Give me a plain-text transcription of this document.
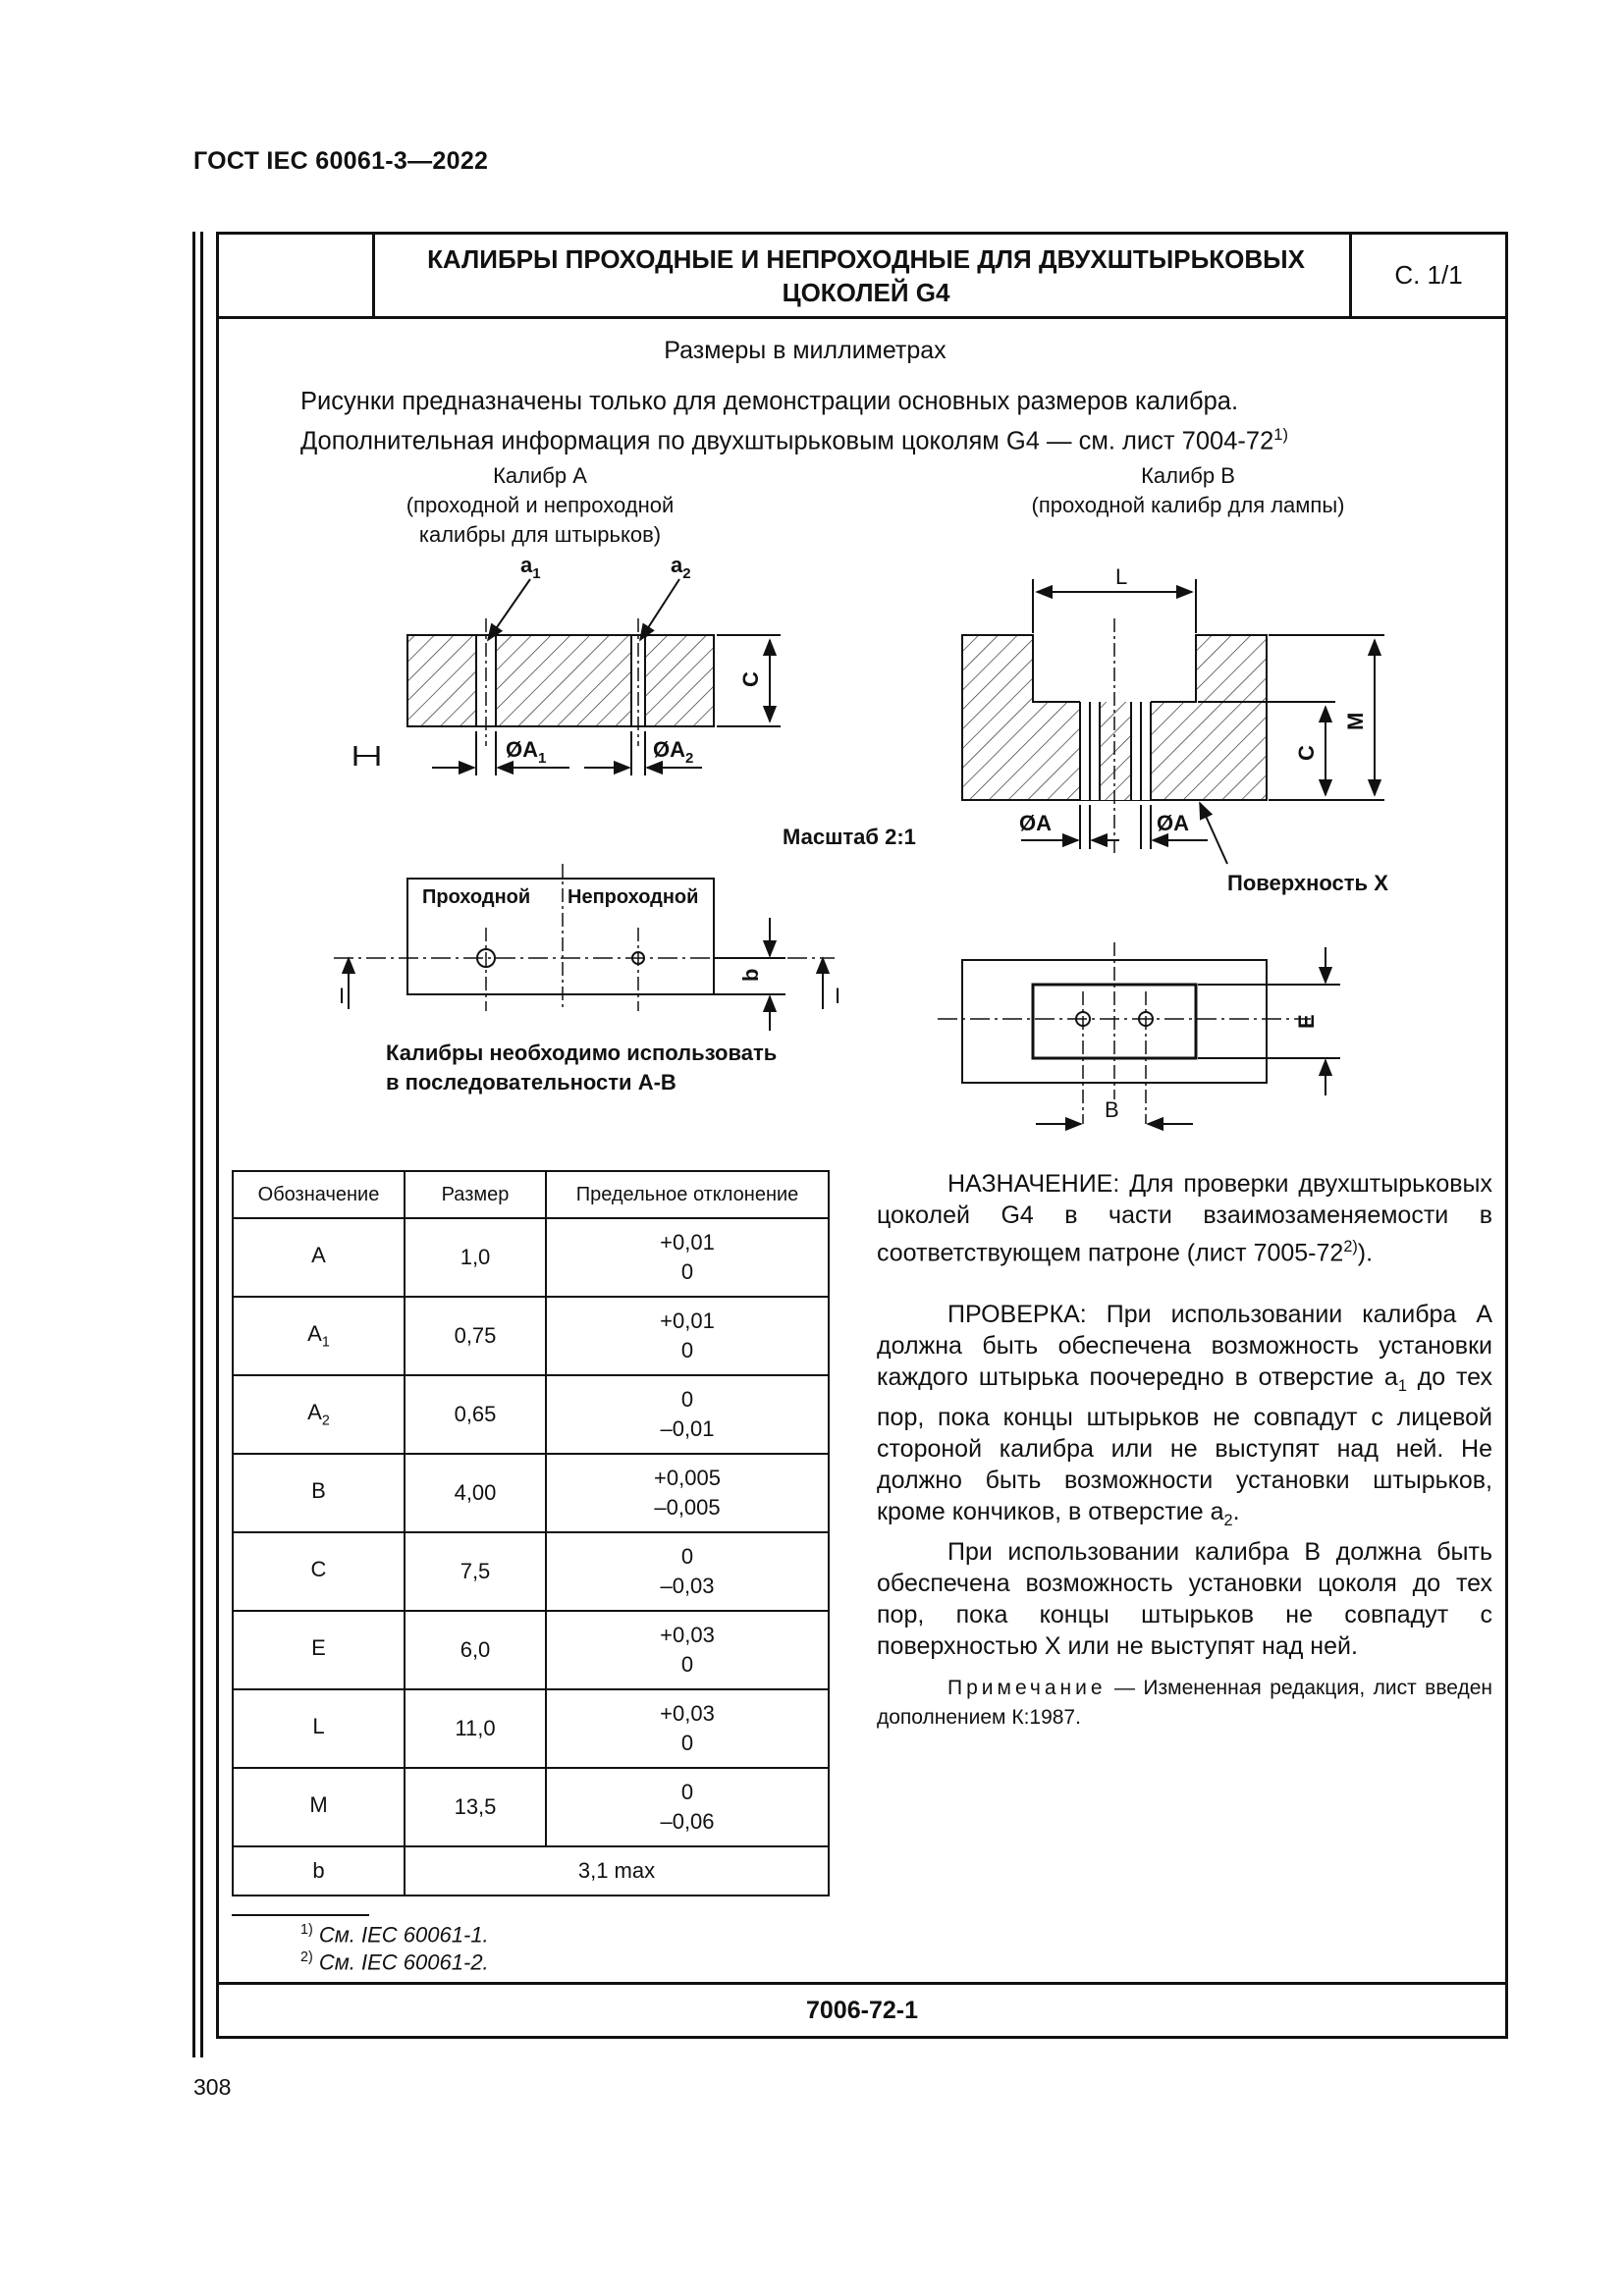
ГОСТ IEC 60061-3—2022
КАЛИБРЫ ПРОХОДНЫЕ И НЕПРОХОДНЫЕ ДЛЯ ДВУХШТЫРЬКОВЫХ
ЦОКОЛЕЙ G4
С. 1/1
7006-72-1
Размеры в миллиметрах
Рисунки предназначены только для демонстрации основных размеров калибра.
Дополнительная информация по двухштырьковым цоколям G4 — см. лист 7004-72$^{1)}$
Калибр А
(проходной и непроходной
калибры для штырьков)
Калибр В
(проходной калибр для лампы)
$a_1$	$a_2$
C
$ØA_1$	$ØA_2$
Масштаб 2:1
L
M
C
ØA	ØA
Поверхность X
Проходной Непроходной
b
I	I
Калибры необходимо использовать
в последовательности А-В
E
B
Обозначение	Размер	Предельное отклонение
A	1,0	+0,01
0

$A_1$	0,75	+0,01
0

$A_2$	0,65	0
–0,01

B	4,00	+0,005
–0,005

C	7,5	0
–0,03

E	6,0	+0,03
0

L	11,0	+0,03
0

M	13,5	0
–0,06

b	3,1 max	

НАЗНАЧЕНИЕ: Для проверки двухштырьковых цоколей G4 в части взаимозаменяемости в соответствующем патроне (лист 7005-72$^{2)}$).

ПРОВЕРКА: При использовании калибра А должна быть обеспечена возможность установки каждого штырька поочередно в отверстие $a_1$ до тех пор, пока концы штырьков не совпадут с лицевой стороной калибра или не выступят над ней. Не должно быть возможности установки штырьков, кроме кончиков, в отверстие $a_2$.

При использовании калибра В должна быть обеспечена возможность установки цоколя до тех пор, пока концы штырьков не совпадут с поверхностью X или не выступят над ней.

Примечание — Измененная редакция, лист введен дополнением К:1987.

$^{1)}$ См. IEC 60061-1.
$^{2)}$ См. IEC 60061-2.
308
